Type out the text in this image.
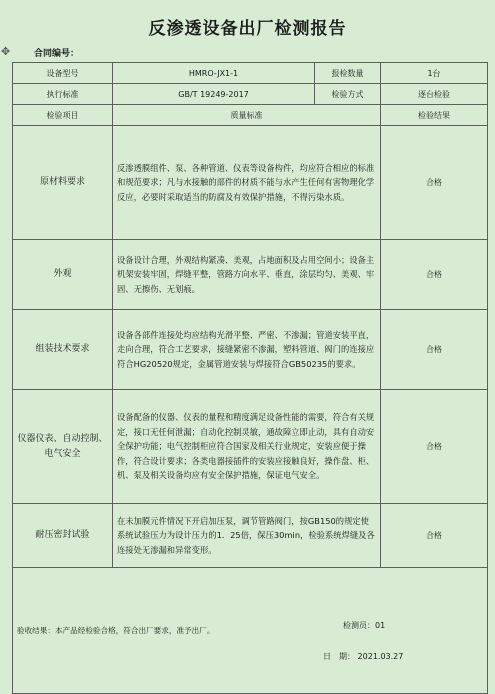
反渗透设备出厂检测报告
✥	合同编号：
设备型号	HMRO-JX1-1	报检数量	1台
执行标准	GB/T 19249-2017	检验方式	逐台检验
检验项目	质量标准		检验结果
原材料要求	反渗透膜组件、泵、各种管道、仪表等设备构件，均应符合相应的标准和规范要求；凡与水接触的部件的材质不能与水产生任何有害物理化学反应，必要时采取适当的防腐及有效保护措施，不得污染水质。		合格
外观	设备设计合理，外观结构紧凑、美观，占地面积及占用空间小；设备主机架安装牢固，焊缝平整，管路方向水平、垂直，涂层均匀、美观、牢固、无擦伤、无划痕。		合格
组装技术要求	设备各部件连接处均应结构光滑平整、严密、不渗漏；管道安装平直，走向合理，符合工艺要求，接缝紧密不渗漏，塑料管道、阀门的连接应符合HG20520规定，金属管道安装与焊接符合GB50235的要求。		合格
仪器仪表、自动控制、电气安全	设备配备的仪器、仪表的量程和精度满足设备性能的需要，符合有关规定，接口无任何泄漏；自动化控制灵敏，通故障立即止动，具有自动安全保护功能；电气控制柜应符合国家及相关行业规定，安装应便于操作，符合设计要求；各类电器接插件的安装应接触良好，操作盘、柜、机、泵及相关设备均应有安全保护措施，保证电气安全。		合格
耐压密封试验	在未加膜元件情况下开启加压泵，调节管路阀门，按GB150的规定使系统试验压力为设计压力的1．25倍，保压30min，检验系统焊缝及各连接处无渗漏和异常变形。		合格
验收结果：本产品经检验合格，符合出厂要求，准予出厂。			
检测员：01
日　期： 2021.03.27
